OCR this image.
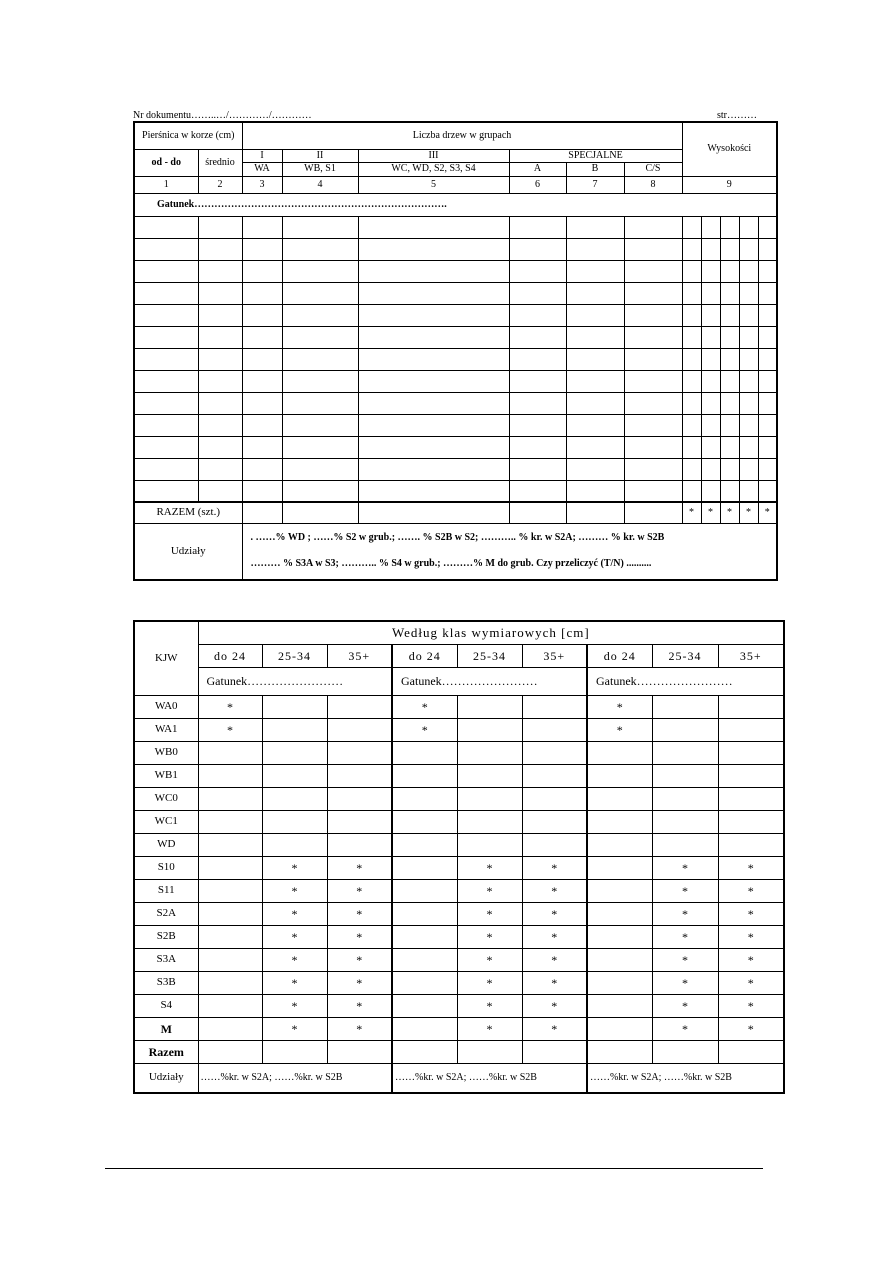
Nr dokumentu……..…/…………/…………	str………
Pierśnica w korze (cm)		Liczba drzew w grupach						Wysokości				
od - do	średnio	I	II	III	SPECJALNE							
		WA	WB, S1	WC, WD, S2, S3, S4	A	B	C/S					
1	2	3	4	5	6	7	8	9				
Gatunek………………………………………………………………….												

RAZEM (szt.)								*	*	*	*	*
Udziały		. ……% WD ; ……% S2 w grub.; ……. % S2B w S2; ……….. % kr. w S2A; ……… % kr. w S2B
……… % S3A w S3; ……….. % S4 w grub.; ………% M do grub. Czy przeliczyć (T/N) ..........										
KJW	Według klas wymiarowych [cm]								
	do 24	25-34	35+	do 24	25-34	35+	do 24	25-34	35+
	Gatunek……………………			Gatunek……………………			Gatunek……………………		
WA0	*			*			*		
WA1	*			*			*		
WB0									
WB1									
WC0									
WC1									
WD									
S10		*	*		*	*		*	*
S11		*	*		*	*		*	*
S2A		*	*		*	*		*	*
S2B		*	*		*	*		*	*
S3A		*	*		*	*		*	*
S3B		*	*		*	*		*	*
S4		*	*		*	*		*	*
M		*	*		*	*		*	*
Razem									
Udziały	……%kr. w S2A; ……%kr. w S2B			……%kr. w S2A; ……%kr. w S2B			……%kr. w S2A; ……%kr. w S2B		
